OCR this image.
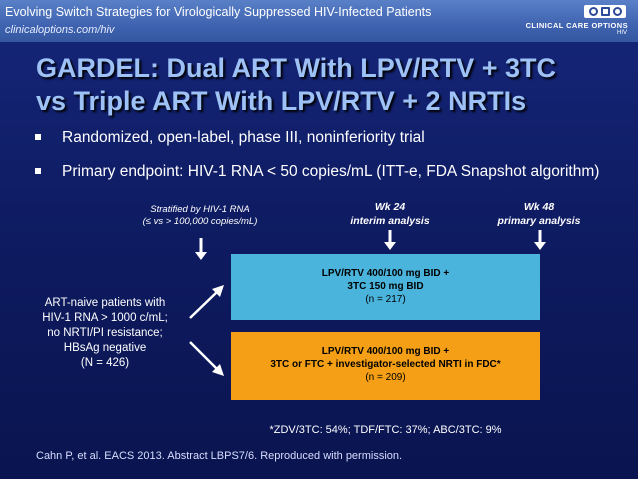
Evolving Switch Strategies for Virologically Suppressed HIV-Infected Patients
clinicaloptions.com/hiv	CLINICAL CARE OPTIONS
HIV
GARDEL: Dual ART With LPV/RTV + 3TC
vs Triple ART With LPV/RTV + 2 NRTIs
Randomized, open-label, phase III, noninferiority trial
Primary endpoint: HIV-1 RNA < 50 copies/mL (ITT-e, FDA Snapshot algorithm)
Stratified by HIV-1 RNA
(≤ vs > 100,000 copies/mL)
Wk 24
interim analysis
Wk 48
primary analysis
LPV/RTV 400/100 mg BID +
3TC 150 mg BID
(n = 217)
LPV/RTV 400/100 mg BID +
3TC or FTC + investigator-selected NRTI in FDC*
(n = 209)
ART-naive patients with
HIV-1 RNA > 1000 c/mL;
no NRTI/PI resistance;
HBsAg negative
(N = 426)
*ZDV/3TC: 54%; TDF/FTC: 37%; ABC/3TC: 9%
Cahn P, et al. EACS 2013. Abstract LBPS7/6. Reproduced with permission.
